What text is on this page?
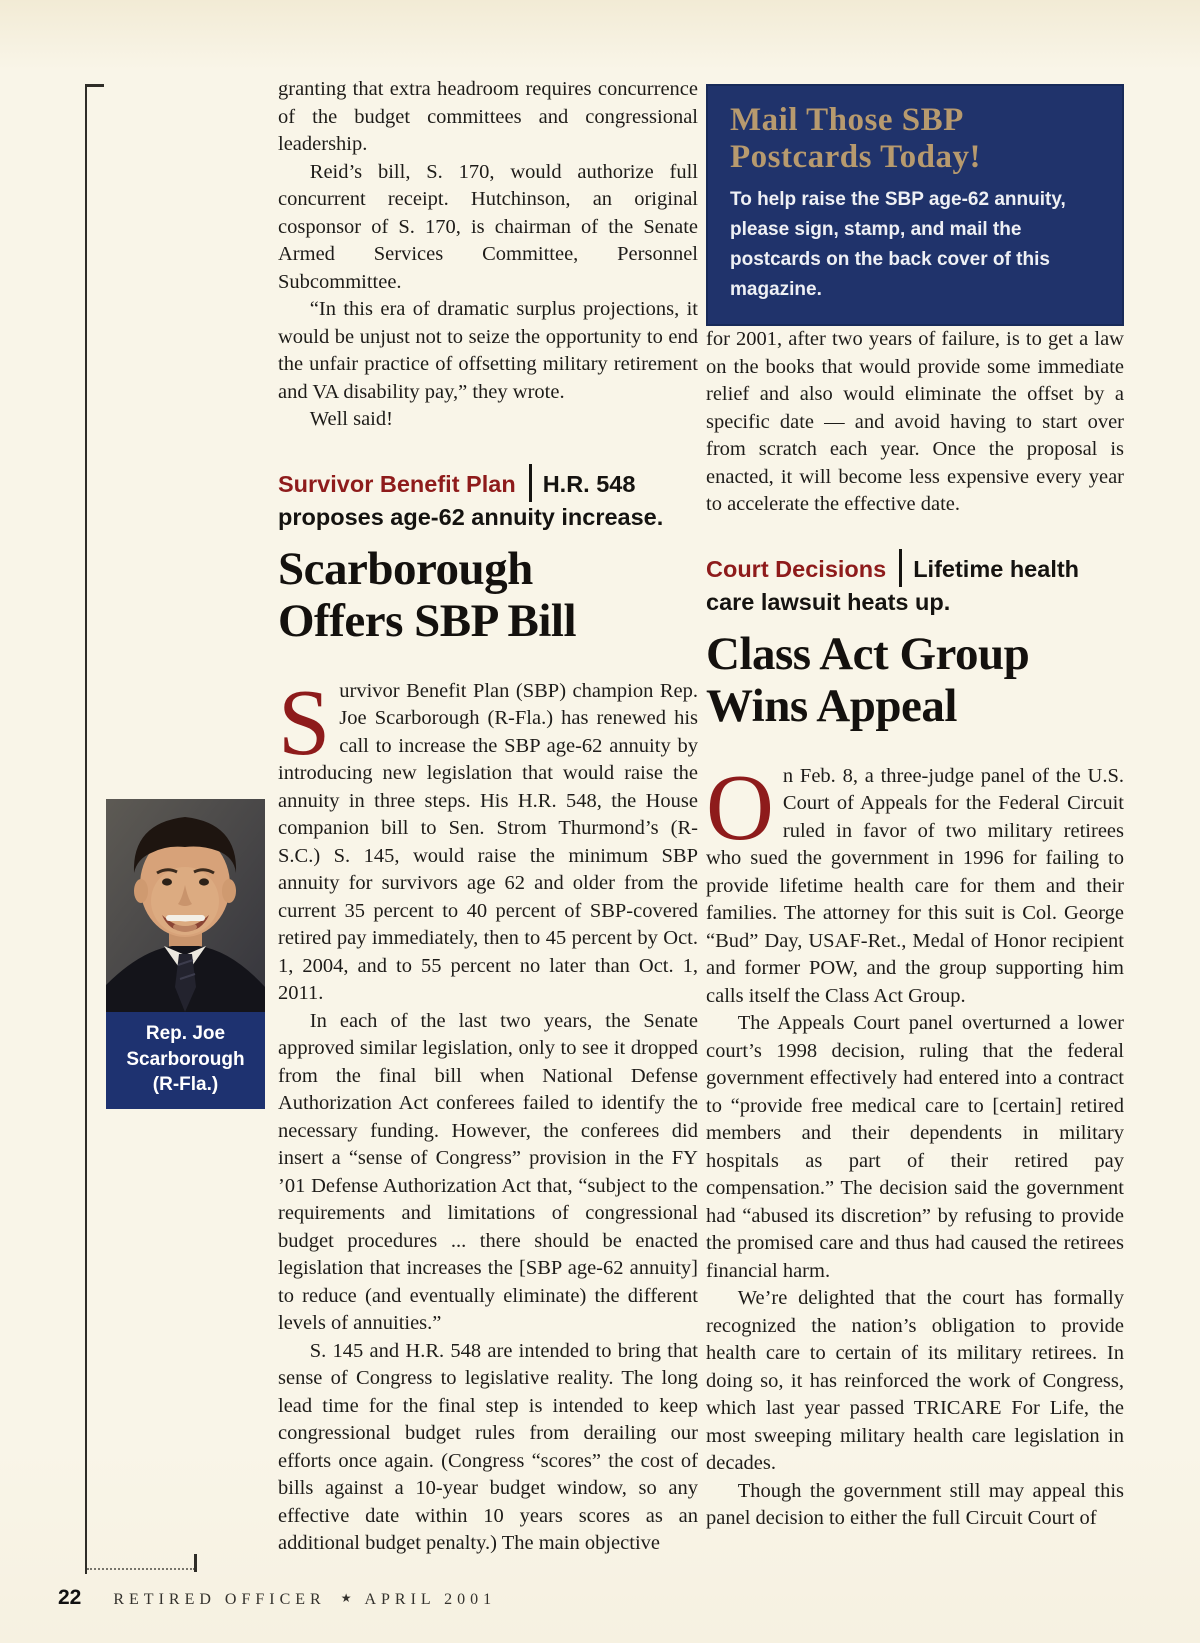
granting that extra headroom requires concurrence of the budget committees and congressional leadership.

Reid’s bill, S. 170, would authorize full concurrent receipt. Hutchinson, an original cosponsor of S. 170, is chairman of the Senate Armed Services Committee, Personnel Subcommittee.

“In this era of dramatic surplus projections, it would be unjust not to seize the opportunity to end the unfair practice of offsetting military retirement and VA disability pay,” they wrote.

Well said!

Survivor Benefit Plan H.R. 548 proposes age-62 annuity increase.
Scarborough
Offers SBP Bill

Survivor Benefit Plan (SBP) champion Rep. Joe Scarborough (R-Fla.) has renewed his call to increase the SBP age-62 annuity by introducing new legislation that would raise the annuity in three steps. His H.R. 548, the House companion bill to Sen. Strom Thurmond’s (R-S.C.) S. 145, would raise the minimum SBP annuity for survivors age 62 and older from the current 35 percent to 40 percent of SBP-covered retired pay immediately, then to 45 percent by Oct. 1, 2004, and to 55 percent no later than Oct. 1, 2011.

In each of the last two years, the Senate approved similar legislation, only to see it dropped from the final bill when National Defense Authorization Act conferees failed to identify the necessary funding. However, the conferees did insert a “sense of Congress” provision in the FY ’01 Defense Authorization Act that, “subject to the requirements and limitations of congressional budget procedures ... there should be enacted legislation that increases the [SBP age-62 annuity] to reduce (and eventually eliminate) the different levels of annuities.”

S. 145 and H.R. 548 are intended to bring that sense of Congress to legislative reality. The long lead time for the final step is intended to keep congressional budget rules from derailing our efforts once again. (Congress “scores” the cost of bills against a 10-year budget window, so any effective date within 10 years scores as an additional budget penalty.) The main objective

Mail Those SBP Postcards Today!

To help raise the SBP age-62 annuity, please sign, stamp, and mail the postcards on the back cover of this magazine.

for 2001, after two years of failure, is to get a law on the books that would provide some immediate relief and also would eliminate the offset by a specific date — and avoid having to start over from scratch each year. Once the proposal is enacted, it will become less expensive every year to accelerate the effective date.

Court Decisions Lifetime health care lawsuit heats up.
Class Act Group
Wins Appeal

On Feb. 8, a three-judge panel of the U.S. Court of Appeals for the Federal Circuit ruled in favor of two military retirees who sued the government in 1996 for failing to provide lifetime health care for them and their families. The attorney for this suit is Col. George “Bud” Day, USAF-Ret., Medal of Honor recipient and former POW, and the group supporting him calls itself the Class Act Group.

The Appeals Court panel overturned a lower court’s 1998 decision, ruling that the federal government effectively had entered into a contract to “provide free medical care to [certain] retired members and their dependents in military hospitals as part of their retired pay compensation.” The decision said the government had “abused its discretion” by refusing to provide the promised care and thus had caused the retirees financial harm.

We’re delighted that the court has formally recognized the nation’s obligation to provide health care to certain of its military retirees. In doing so, it has reinforced the work of Congress, which last year passed TRICARE For Life, the most sweeping military health care legislation in decades.

Though the government still may appeal this panel decision to either the full Circuit Court of

Rep. Joe
Scarborough
(R-Fla.)
22 RETIRED OFFICER ★ APRIL 2001
